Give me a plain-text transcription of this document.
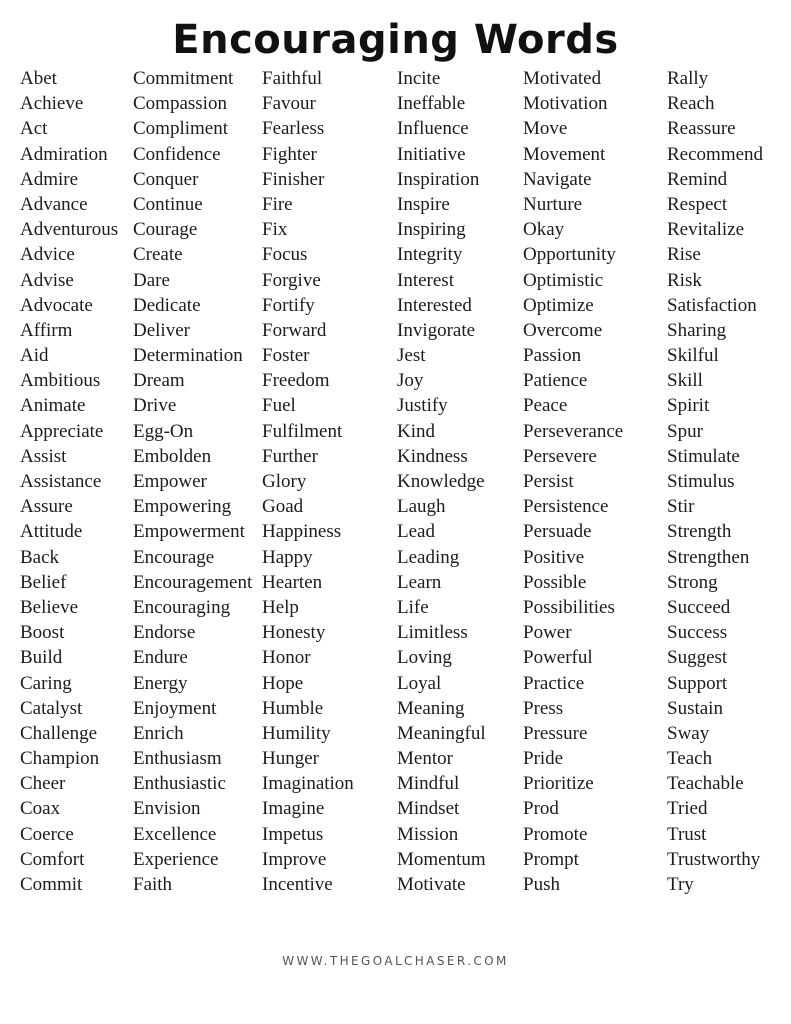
Encouraging Words
Abet
Achieve
Act
Admiration
Admire
Advance
Adventurous
Advice
Advise
Advocate
Affirm
Aid
Ambitious
Animate
Appreciate
Assist
Assistance
Assure
Attitude
Back
Belief
Believe
Boost
Build
Caring
Catalyst
Challenge
Champion
Cheer
Coax
Coerce
Comfort
Commit
Commitment
Compassion
Compliment
Confidence
Conquer
Continue
Courage
Create
Dare
Dedicate
Deliver
Determination
Dream
Drive
Egg-On
Embolden
Empower
Empowering
Empowerment
Encourage
Encouragement
Encouraging
Endorse
Endure
Energy
Enjoyment
Enrich
Enthusiasm
Enthusiastic
Envision
Excellence
Experience
Faith
Faithful
Favour
Fearless
Fighter
Finisher
Fire
Fix
Focus
Forgive
Fortify
Forward
Foster
Freedom
Fuel
Fulfilment
Further
Glory
Goad
Happiness
Happy
Hearten
Help
Honesty
Honor
Hope
Humble
Humility
Hunger
Imagination
Imagine
Impetus
Improve
Incentive
Incite
Ineffable
Influence
Initiative
Inspiration
Inspire
Inspiring
Integrity
Interest
Interested
Invigorate
Jest
Joy
Justify
Kind
Kindness
Knowledge
Laugh
Lead
Leading
Learn
Life
Limitless
Loving
Loyal
Meaning
Meaningful
Mentor
Mindful
Mindset
Mission
Momentum
Motivate
Motivated
Motivation
Move
Movement
Navigate
Nurture
Okay
Opportunity
Optimistic
Optimize
Overcome
Passion
Patience
Peace
Perseverance
Persevere
Persist
Persistence
Persuade
Positive
Possible
Possibilities
Power
Powerful
Practice
Press
Pressure
Pride
Prioritize
Prod
Promote
Prompt
Push
Rally
Reach
Reassure
Recommend
Remind
Respect
Revitalize
Rise
Risk
Satisfaction
Sharing
Skilful
Skill
Spirit
Spur
Stimulate
Stimulus
Stir
Strength
Strengthen
Strong
Succeed
Success
Suggest
Support
Sustain
Sway
Teach
Teachable
Tried
Trust
Trustworthy
Try
WWW.THEGOALCHASER.COM
